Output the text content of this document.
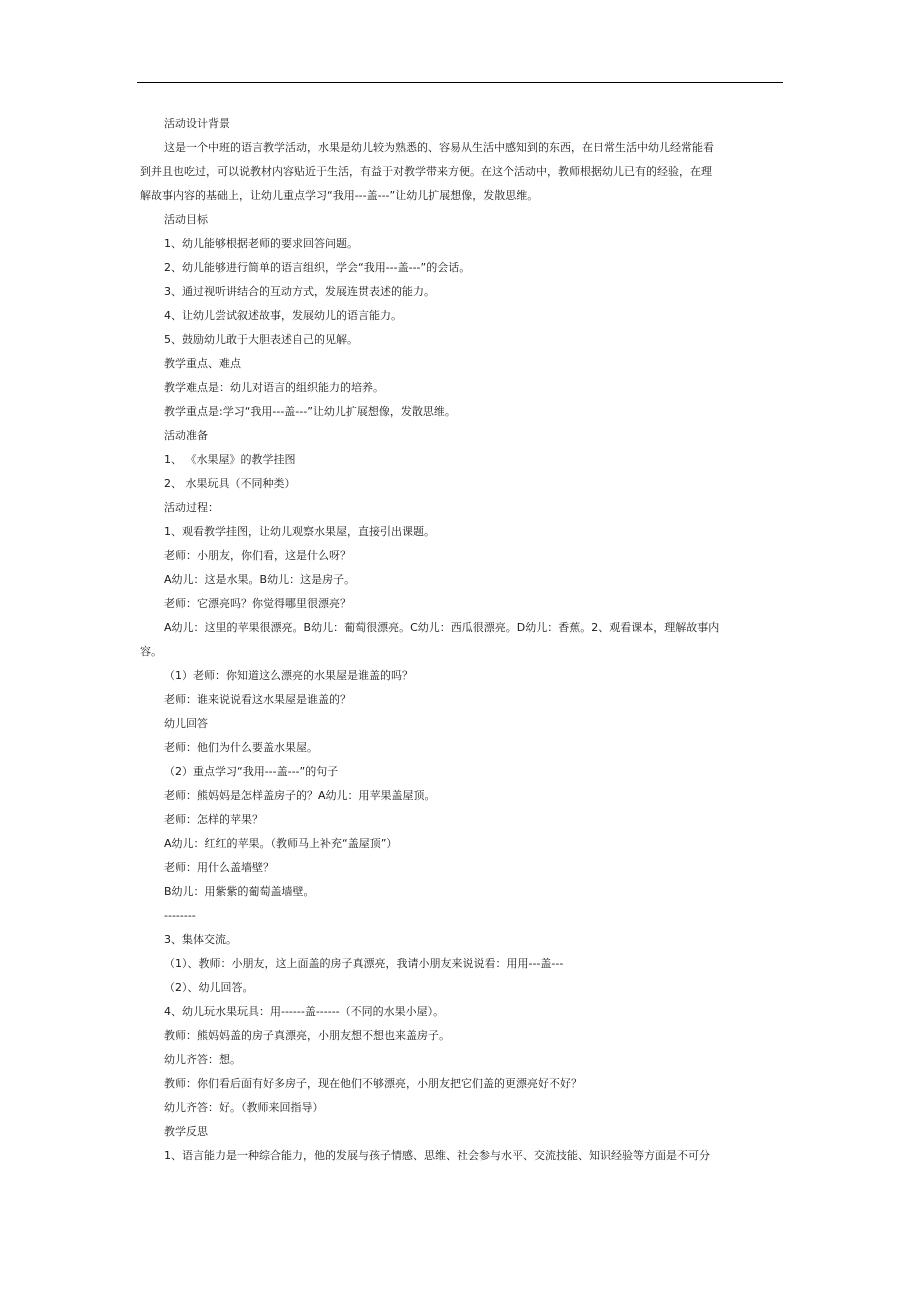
活动设计背景

这是一个中班的语言教学活动，水果是幼儿较为熟悉的、容易从生活中感知到的东西，在日常生活中幼儿经常能看

到并且也吃过，可以说教材内容贴近于生活，有益于对教学带来方便。在这个活动中，教师根据幼儿已有的经验，在理

解故事内容的基础上，让幼儿重点学习“我用---盖---”让幼儿扩展想像，发散思维。

活动目标

1、幼儿能够根据老师的要求回答问题。

2、幼儿能够进行简单的语言组织，学会“我用---盖---”的会话。

3、通过视听讲结合的互动方式，发展连贯表述的能力。

4、让幼儿尝试叙述故事，发展幼儿的语言能力。

5、鼓励幼儿敢于大胆表述自己的见解。

教学重点、难点

教学难点是：幼儿对语言的组织能力的培养。

教学重点是:学习“我用---盖---”让幼儿扩展想像，发散思维。

活动准备

1、 《水果屋》的教学挂图

2、 水果玩具（不同种类）

活动过程：

1、观看教学挂图，让幼儿观察水果屋，直接引出课题。

老师：小朋友，你们看，这是什么呀？

A幼儿：这是水果。B幼儿：这是房子。

老师：它漂亮吗？你觉得哪里很漂亮？

A幼儿：这里的苹果很漂亮。B幼儿：葡萄很漂亮。C幼儿：西瓜很漂亮。D幼儿：香蕉。2、观看课本，理解故事内

容。

（1）老师：你知道这么漂亮的水果屋是谁盖的吗？

老师：谁来说说看这水果屋是谁盖的？

幼儿回答

老师：他们为什么要盖水果屋。

（2）重点学习“我用---盖---”的句子

老师：熊妈妈是怎样盖房子的？A幼儿：用苹果盖屋顶。

老师：怎样的苹果？

A幼儿：红红的苹果。（教师马上补充“盖屋顶”）

老师：用什么盖墙壁？

B幼儿：用紫紫的葡萄盖墙壁。

--------

3、集体交流。

（1）、教师：小朋友，这上面盖的房子真漂亮，我请小朋友来说说看：用用---盖---

（2）、幼儿回答。

4、幼儿玩水果玩具：用------盖------（不同的水果小屋）。

教师：熊妈妈盖的房子真漂亮，小朋友想不想也来盖房子。

幼儿齐答：想。

教师：你们看后面有好多房子，现在他们不够漂亮，小朋友把它们盖的更漂亮好不好？

幼儿齐答：好。（教师来回指导）

教学反思

1、语言能力是一种综合能力，他的发展与孩子情感、思维、社会参与水平、交流技能、知识经验等方面是不可分
